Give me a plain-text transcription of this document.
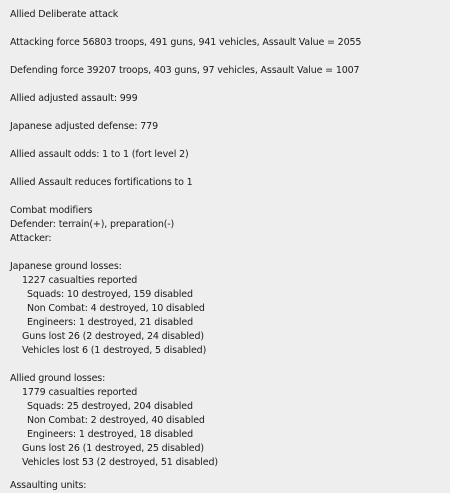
Allied Deliberate attack
Attacking force 56803 troops, 491 guns, 941 vehicles, Assault Value = 2055
Defending force 39207 troops, 403 guns, 97 vehicles, Assault Value = 1007
Allied adjusted assault: 999
Japanese adjusted defense: 779
Allied assault odds: 1 to 1 (fort level 2)
Allied Assault reduces fortifications to 1
Combat modifiers
Defender: terrain(+), preparation(-)
Attacker:
Japanese ground losses:
1227 casualties reported
Squads: 10 destroyed, 159 disabled
Non Combat: 4 destroyed, 10 disabled
Engineers: 1 destroyed, 21 disabled
Guns lost 26 (2 destroyed, 24 disabled)
Vehicles lost 6 (1 destroyed, 5 disabled)
Allied ground losses:
1779 casualties reported
Squads: 25 destroyed, 204 disabled
Non Combat: 2 destroyed, 40 disabled
Engineers: 1 destroyed, 18 disabled
Guns lost 26 (1 destroyed, 25 disabled)
Vehicles lost 53 (2 destroyed, 51 disabled)
Assaulting units:
